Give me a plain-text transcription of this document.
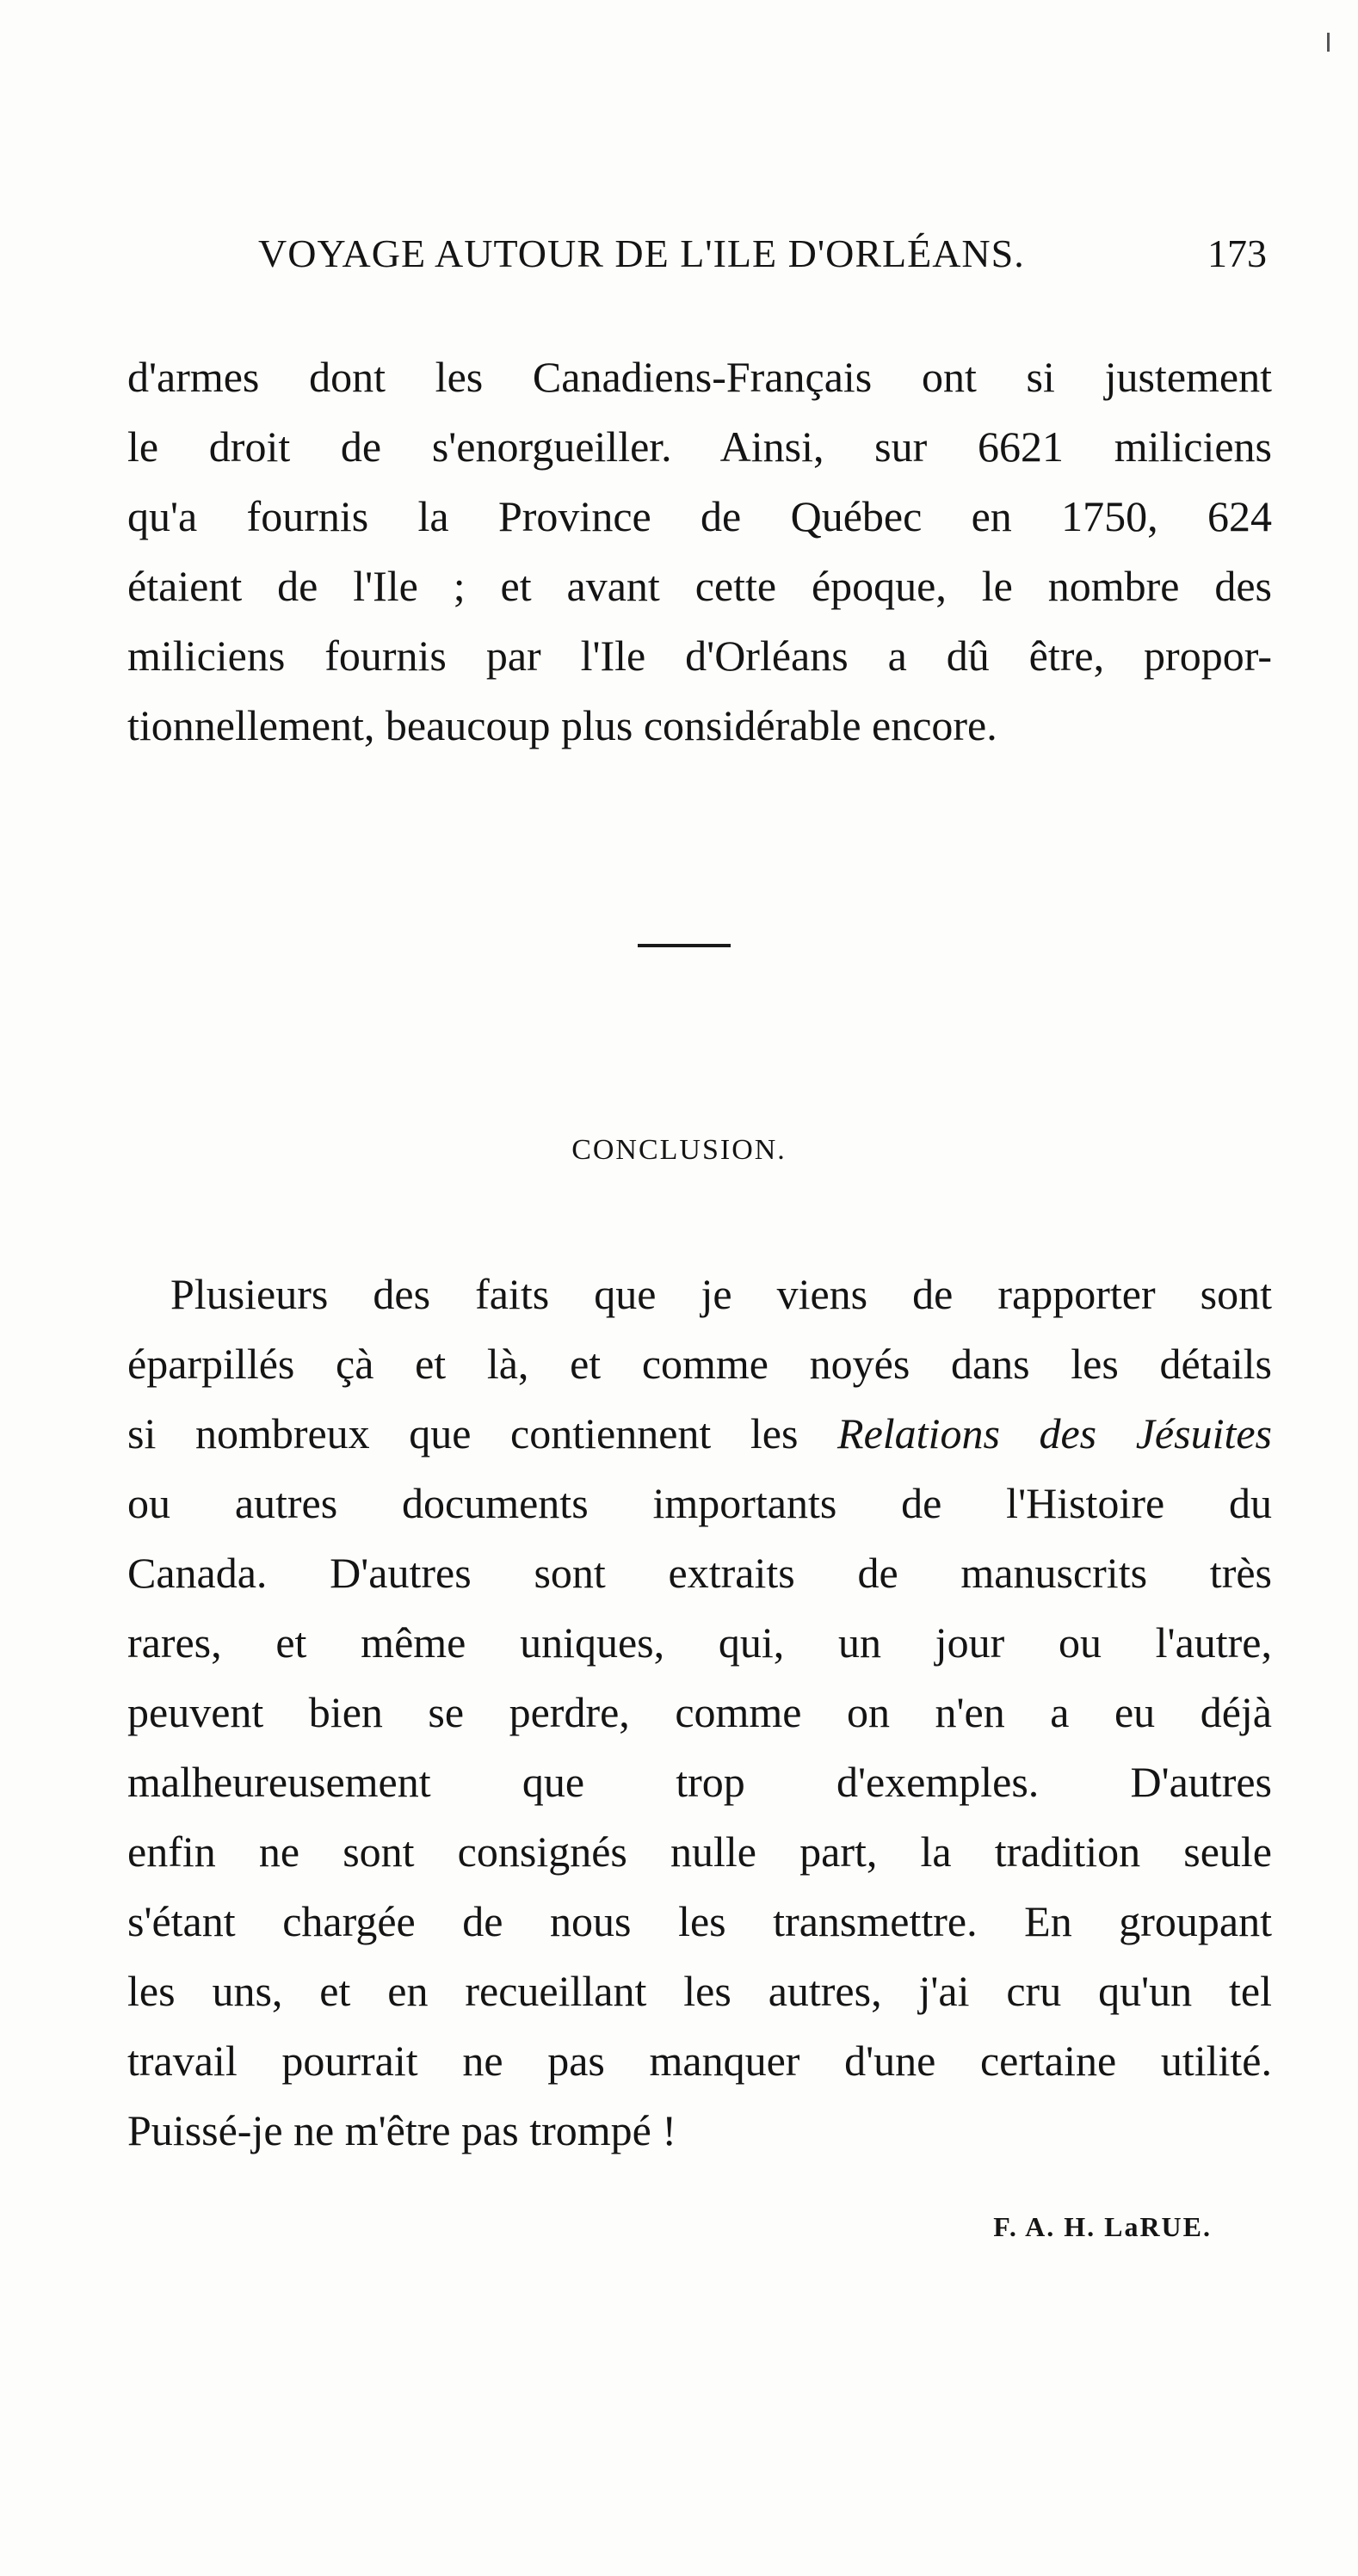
VOYAGE AUTOUR DE L'ILE D'ORLÉANS.	173

d'armes dont les Canadiens-Français ont si justement
le droit de s'enorgueiller. Ainsi, sur 6621 miliciens
qu'a fournis la Province de Québec en 1750, 624
étaient de l'Ile ; et avant cette époque, le nombre des
miliciens fournis par l'Ile d'Orléans a dû être, propor-
tionnellement, beaucoup plus considérable encore.

CONCLUSION.

Plusieurs des faits que je viens de rapporter sont
éparpillés çà et là, et comme noyés dans les détails
si nombreux que contiennent les Relations des Jésuites
ou autres documents importants de l'Histoire du
Canada. D'autres sont extraits de manuscrits très
rares, et même uniques, qui, un jour ou l'autre,
peuvent bien se perdre, comme on n'en a eu déjà
malheureusement que trop d'exemples. D'autres
enfin ne sont consignés nulle part, la tradition seule
s'étant chargée de nous les transmettre. En groupant
les uns, et en recueillant les autres, j'ai cru qu'un tel
travail pourrait ne pas manquer d'une certaine utilité.
Puissé-je ne m'être pas trompé !

F. A. H. LaRUE.
